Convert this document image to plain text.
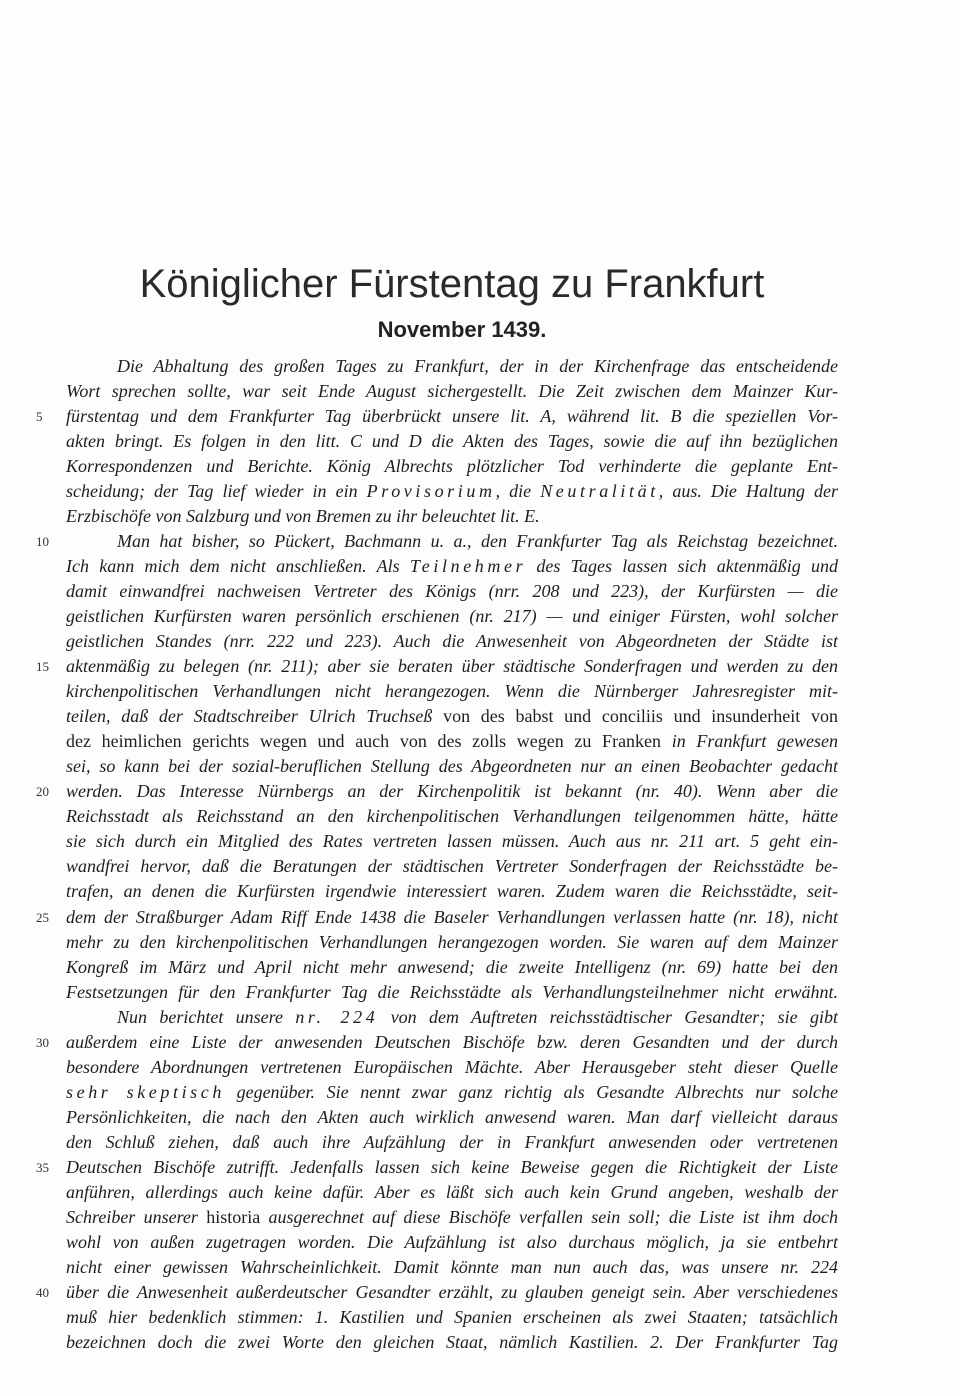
Königlicher Fürstentag zu Frankfurt
November 1439.
Die Abhaltung des großen Tages zu Frankfurt, der in der Kirchenfrage das entscheidende
Wort sprechen sollte, war seit Ende August sichergestellt. Die Zeit zwischen dem Mainzer Kur-
5 fürstentag und dem Frankfurter Tag überbrückt unsere lit. A, während lit. B die speziellen Vor-
akten bringt. Es folgen in den litt. C und D die Akten des Tages, sowie die auf ihn bezüglichen
Korrespondenzen und Berichte. König Albrechts plötzlicher Tod verhinderte die geplante Ent-
scheidung; der Tag lief wieder in ein Provisorium, die Neutralität, aus. Die Haltung der
Erzbischöfe von Salzburg und von Bremen zu ihr beleuchtet lit. E.
10	Man hat bisher, so Pückert, Bachmann u. a., den Frankfurter Tag als Reichstag bezeichnet.
Ich kann mich dem nicht anschließen. Als Teilnehmer des Tages lassen sich aktenmäßig und
damit einwandfrei nachweisen Vertreter des Königs (nrr. 208 und 223), der Kurfürsten — die
geistlichen Kurfürsten waren persönlich erschienen (nr. 217) — und einiger Fürsten, wohl solcher
geistlichen Standes (nrr. 222 und 223). Auch die Anwesenheit von Abgeordneten der Städte ist
15 aktenmäßig zu belegen (nr. 211); aber sie beraten über städtische Sonderfragen und werden zu den
kirchenpolitischen Verhandlungen nicht herangezogen. Wenn die Nürnberger Jahresregister mit-
teilen, daß der Stadtschreiber Ulrich Truchseß von des babst und conciliis und insunderheit von
dez heimlichen gerichts wegen und auch von des zolls wegen zu Franken in Frankfurt gewesen
sei, so kann bei der sozial-beruflichen Stellung des Abgeordneten nur an einen Beobachter gedacht
20 werden. Das Interesse Nürnbergs an der Kirchenpolitik ist bekannt (nr. 40). Wenn aber die
Reichsstadt als Reichsstand an den kirchenpolitischen Verhandlungen teilgenommen hätte, hätte
sie sich durch ein Mitglied des Rates vertreten lassen müssen. Auch aus nr. 211 art. 5 geht ein-
wandfrei hervor, daß die Beratungen der städtischen Vertreter Sonderfragen der Reichsstädte be-
trafen, an denen die Kurfürsten irgendwie interessiert waren. Zudem waren die Reichsstädte, seit-
25 dem der Straßburger Adam Riff Ende 1438 die Baseler Verhandlungen verlassen hatte (nr. 18), nicht
mehr zu den kirchenpolitischen Verhandlungen herangezogen worden. Sie waren auf dem Mainzer
Kongreß im März und April nicht mehr anwesend; die zweite Intelligenz (nr. 69) hatte bei den
Festsetzungen für den Frankfurter Tag die Reichsstädte als Verhandlungsteilnehmer nicht erwähnt.
Nun berichtet unsere nr. 224 von dem Auftreten reichsstädtischer Gesandter; sie gibt
30 außerdem eine Liste der anwesenden Deutschen Bischöfe bzw. deren Gesandten und der durch
besondere Abordnungen vertretenen Europäischen Mächte. Aber Herausgeber steht dieser Quelle
sehr skeptisch gegenüber. Sie nennt zwar ganz richtig als Gesandte Albrechts nur solche
Persönlichkeiten, die nach den Akten auch wirklich anwesend waren. Man darf vielleicht daraus
den Schluß ziehen, daß auch ihre Aufzählung der in Frankfurt anwesenden oder vertretenen
35 Deutschen Bischöfe zutrifft. Jedenfalls lassen sich keine Beweise gegen die Richtigkeit der Liste
anführen, allerdings auch keine dafür. Aber es läßt sich auch kein Grund angeben, weshalb der
Schreiber unserer historia ausgerechnet auf diese Bischöfe verfallen sein soll; die Liste ist ihm doch
wohl von außen zugetragen worden. Die Aufzählung ist also durchaus möglich, ja sie entbehrt
nicht einer gewissen Wahrscheinlichkeit. Damit könnte man nun auch das, was unsere nr. 224
40 über die Anwesenheit außerdeutscher Gesandter erzählt, zu glauben geneigt sein. Aber verschiedenes
muß hier bedenklich stimmen: 1. Kastilien und Spanien erscheinen als zwei Staaten; tatsächlich
bezeichnen doch die zwei Worte den gleichen Staat, nämlich Kastilien. 2. Der Frankfurter Tag
